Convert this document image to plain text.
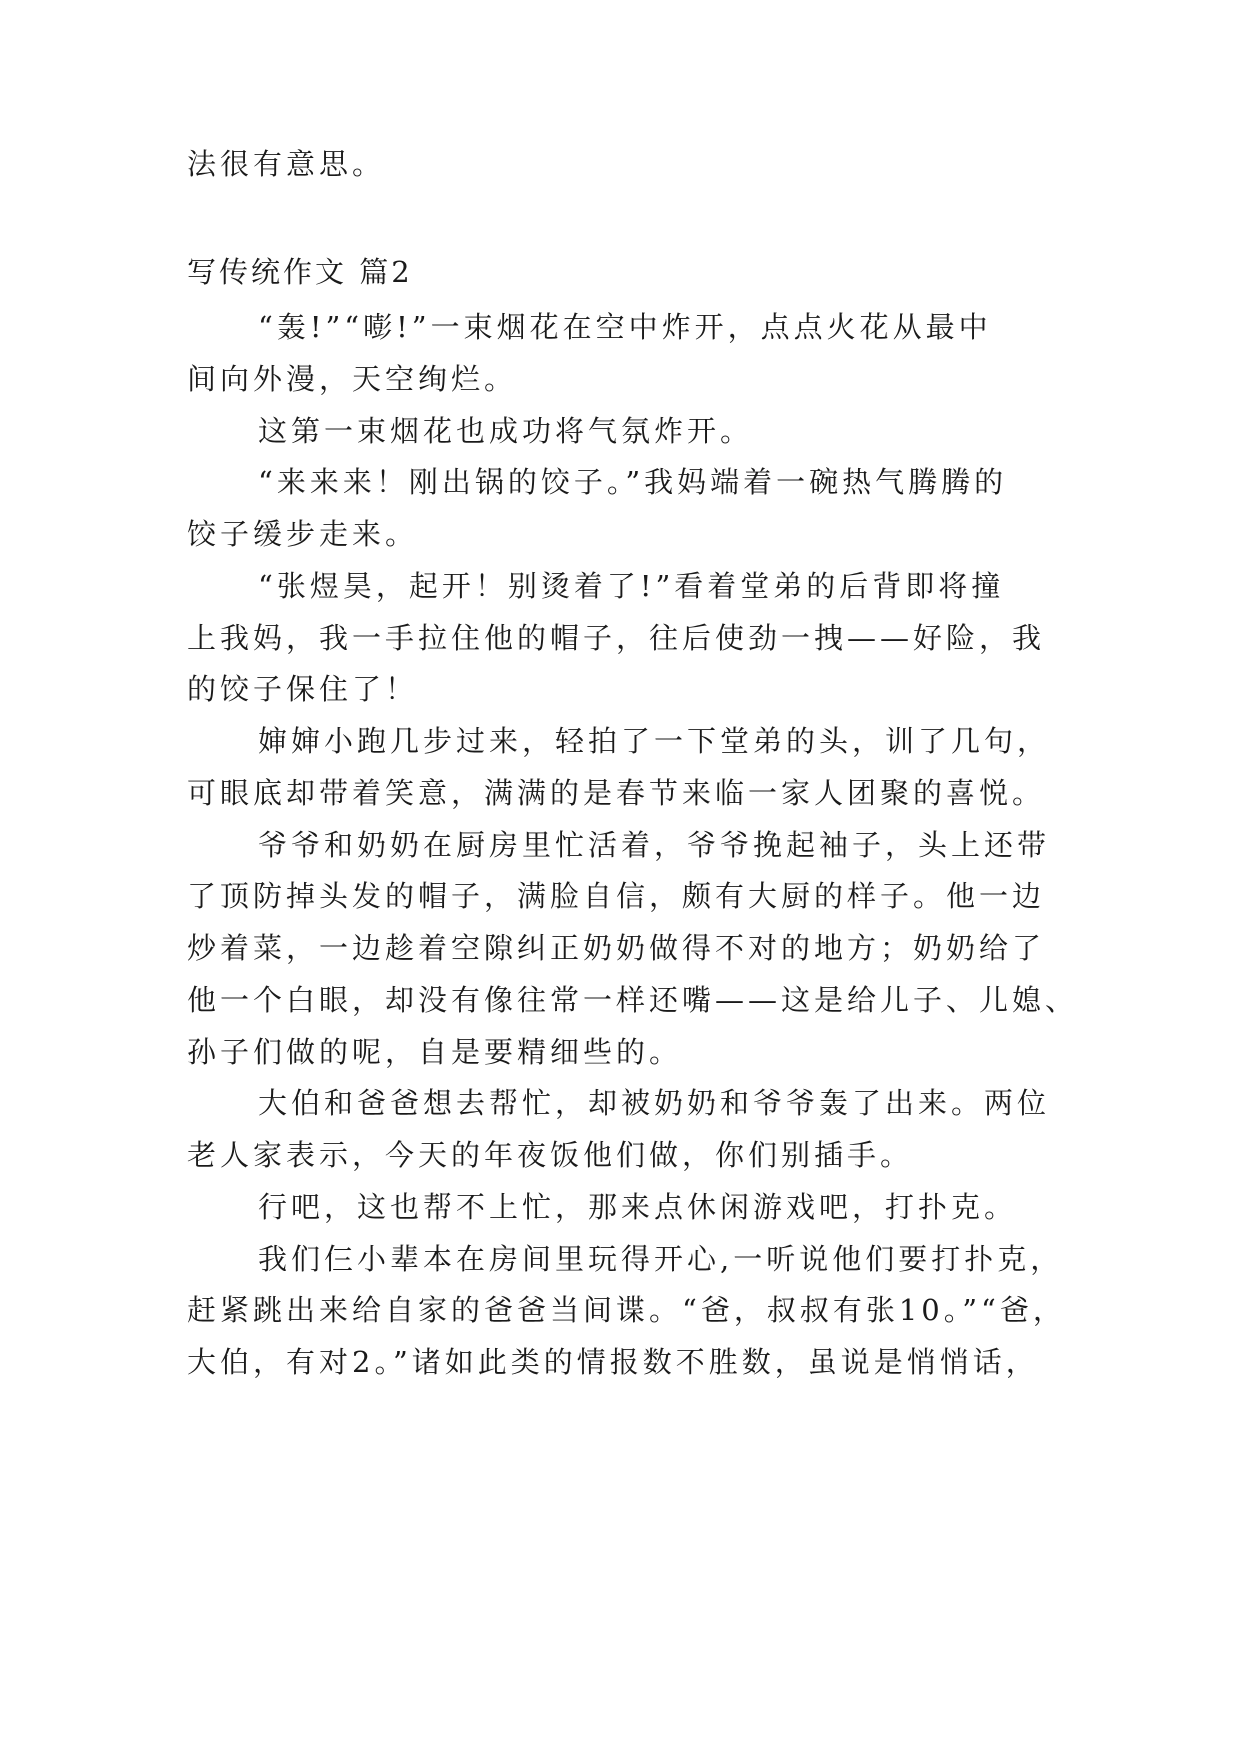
法很有意思。
写传统作文 篇2
“轰!”“嘭!”一束烟花在空中炸开，点点火花从最中
间向外漫，天空绚烂。
这第一束烟花也成功将气氛炸开。
“来来来！刚出锅的饺子。”我妈端着一碗热气腾腾的
饺子缓步走来。
“张煜昊，起开！别烫着了!”看着堂弟的后背即将撞
上我妈，我一手拉住他的帽子，往后使劲一拽——好险，我
的饺子保住了！
婶婶小跑几步过来，轻拍了一下堂弟的头，训了几句，
可眼底却带着笑意，满满的是春节来临一家人团聚的喜悦。
爷爷和奶奶在厨房里忙活着，爷爷挽起袖子，头上还带
了顶防掉头发的帽子，满脸自信，颇有大厨的样子。他一边
炒着菜，一边趁着空隙纠正奶奶做得不对的地方；奶奶给了
他一个白眼，却没有像往常一样还嘴——这是给儿子、儿媳、
孙子们做的呢，自是要精细些的。
大伯和爸爸想去帮忙，却被奶奶和爷爷轰了出来。两位
老人家表示，今天的年夜饭他们做，你们别插手。
行吧，这也帮不上忙，那来点休闲游戏吧，打扑克。
我们仨小辈本在房间里玩得开心,一听说他们要打扑克，
赶紧跳出来给自家的爸爸当间谍。“爸，叔叔有张10。”“爸，
大伯，有对2。”诸如此类的情报数不胜数，虽说是悄悄话，
